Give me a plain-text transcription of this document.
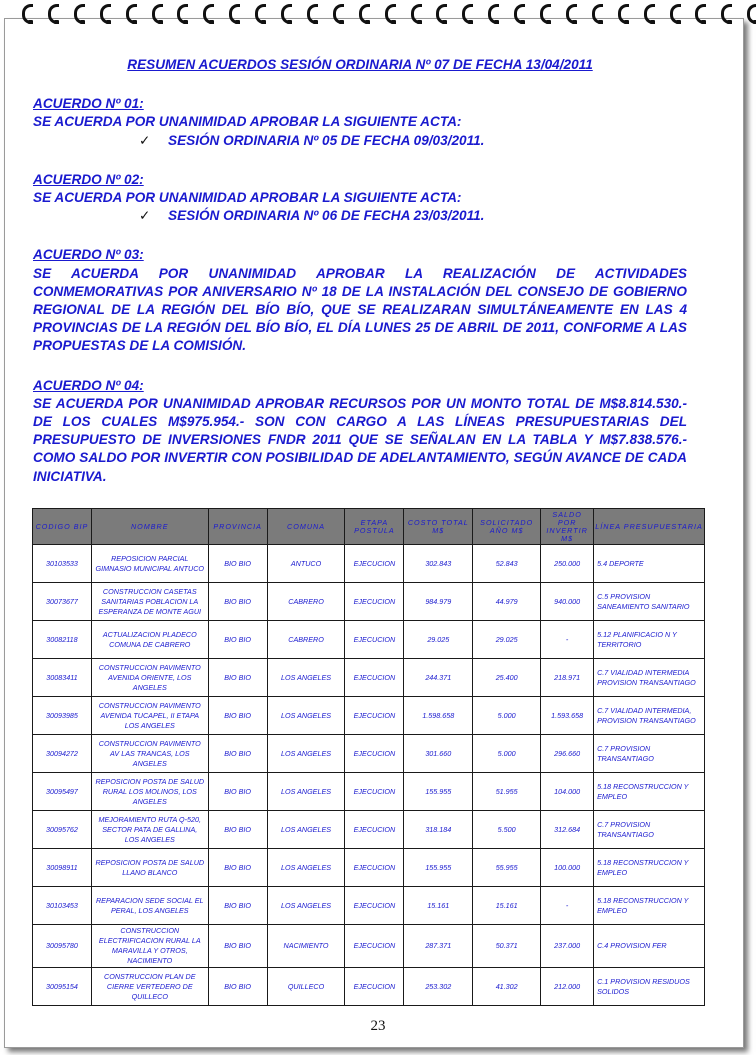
RESUMEN ACUERDOS SESIÓN ORDINARIA Nº 07 DE FECHA 13/04/2011
ACUERDO Nº 01:
SE ACUERDA POR UNANIMIDAD APROBAR LA SIGUIENTE ACTA:
✓ SESIÓN ORDINARIA Nº 05 DE FECHA 09/03/2011.
ACUERDO Nº 02:
SE ACUERDA POR UNANIMIDAD APROBAR LA SIGUIENTE ACTA:
✓ SESIÓN ORDINARIA Nº 06 DE FECHA 23/03/2011.
ACUERDO Nº 03:
SE ACUERDA POR UNANIMIDAD APROBAR LA REALIZACIÓN DE ACTIVIDADES CONMEMORATIVAS POR ANIVERSARIO Nº 18 DE LA INSTALACIÓN DEL CONSEJO DE GOBIERNO REGIONAL DE LA REGIÓN DEL BÍO BÍO, QUE SE REALIZARAN SIMULTÁNEAMENTE EN LAS 4 PROVINCIAS DE LA REGIÓN DEL BÍO BÍO, EL DÍA LUNES 25 DE ABRIL DE 2011, CONFORME A LAS PROPUESTAS DE LA COMISIÓN.
ACUERDO Nº 04:
SE ACUERDA POR UNANIMIDAD APROBAR RECURSOS POR UN MONTO TOTAL DE M$8.814.530.- DE LOS CUALES M$975.954.- SON CON CARGO A LAS LÍNEAS PRESUPUESTARIAS DEL PRESUPUESTO DE INVERSIONES FNDR 2011 QUE SE SEÑALAN EN LA TABLA Y M$7.838.576.- COMO SALDO POR INVERTIR CON POSIBILIDAD DE ADELANTAMIENTO, SEGÚN AVANCE DE CADA INICIATIVA.
CODIGO BIP	NOMBRE	PROVINCIA	COMUNA	ETAPA POSTULA	COSTO TOTAL M$	SOLICITADO AÑO M$	SALDO POR INVERTIR M$	LÍNEA PRESUPUESTARIA
30103533	REPOSICION PARCIAL GIMNASIO MUNICIPAL ANTUCO	BIO BIO	ANTUCO	EJECUCION	302.843	52.843	250.000	5.4 DEPORTE
30073677	CONSTRUCCION CASETAS SANITARIAS POBLACION LA ESPERANZA DE MONTE AGUI	BIO BIO	CABRERO	EJECUCION	984.979	44.979	940.000	C.5 PROVISION SANEAMIENTO SANITARIO
30082118	ACTUALIZACION PLADECO COMUNA DE CABRERO	BIO BIO	CABRERO	EJECUCION	29.025	29.025	-	5.12 PLANIFICACIO N Y TERRITORIO
30083411	CONSTRUCCION PAVIMENTO AVENIDA ORIENTE, LOS ANGELES	BIO BIO	LOS ANGELES	EJECUCION	244.371	25.400	218.971	C.7 VIALIDAD INTERMEDIA PROVISION TRANSANTIAGO
30093985	CONSTRUCCION PAVIMENTO AVENIDA TUCAPEL, II ETAPA LOS ANGELES	BIO BIO	LOS ANGELES	EJECUCION	1.598.658	5.000	1.593.658	C.7 VIALIDAD INTERMEDIA, PROVISION TRANSANTIAGO
30094272	CONSTRUCCION PAVIMENTO AV LAS TRANCAS, LOS ANGELES	BIO BIO	LOS ANGELES	EJECUCION	301.660	5.000	296.660	C.7 PROVISION TRANSANTIAGO
30095497	REPOSICION POSTA DE SALUD RURAL LOS MOLINOS, LOS ANGELES	BIO BIO	LOS ANGELES	EJECUCION	155.955	51.955	104.000	5.18 RECONSTRUCCION Y EMPLEO
30095762	MEJORAMIENTO RUTA Q-520, SECTOR PATA DE GALLINA, LOS ANGELES	BIO BIO	LOS ANGELES	EJECUCION	318.184	5.500	312.684	C.7 PROVISION TRANSANTIAGO
30098911	REPOSICION POSTA DE SALUD LLANO BLANCO	BIO BIO	LOS ANGELES	EJECUCION	155.955	55.955	100.000	5.18 RECONSTRUCCION Y EMPLEO
30103453	REPARACION SEDE SOCIAL EL PERAL, LOS ANGELES	BIO BIO	LOS ANGELES	EJECUCION	15.161	15.161	-	5.18 RECONSTRUCCION Y EMPLEO
30095780	CONSTRUCCION ELECTRIFICACION RURAL LA MARAVILLA Y OTROS, NACIMIENTO	BIO BIO	NACIMIENTO	EJECUCION	287.371	50.371	237.000	C.4 PROVISION FER
30095154	CONSTRUCCION PLAN DE CIERRE VERTEDERO DE QUILLECO	BIO BIO	QUILLECO	EJECUCION	253.302	41.302	212.000	C.1 PROVISION RESIDUOS SOLIDOS
23
